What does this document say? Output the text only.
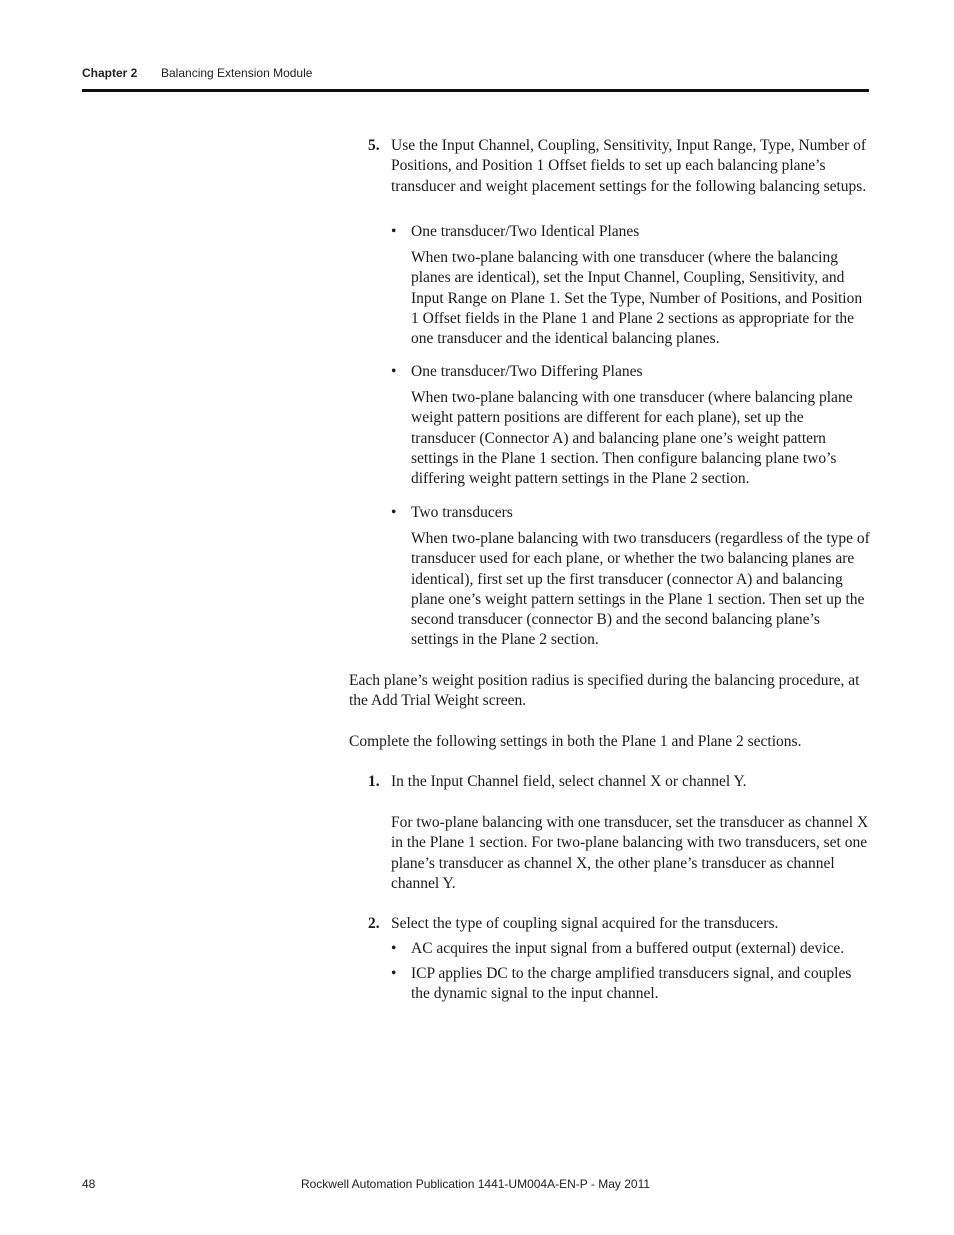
Chapter 2 Balancing Extension Module
5. Use the Input Channel, Coupling, Sensitivity, Input Range, Type, Number of Positions, and Position 1 Offset fields to set up each balancing plane’s transducer and weight placement settings for the following balancing setups.
• One transducer/Two Identical Planes
When two-plane balancing with one transducer (where the balancing planes are identical), set the Input Channel, Coupling, Sensitivity, and Input Range on Plane 1. Set the Type, Number of Positions, and Position 1 Offset fields in the Plane 1 and Plane 2 sections as appropriate for the one transducer and the identical balancing planes.
• One transducer/Two Differing Planes
When two-plane balancing with one transducer (where balancing plane weight pattern positions are different for each plane), set up the transducer (Connector A) and balancing plane one’s weight pattern settings in the Plane 1 section. Then configure balancing plane two’s differing weight pattern settings in the Plane 2 section.
• Two transducers
When two-plane balancing with two transducers (regardless of the type of transducer used for each plane, or whether the two balancing planes are identical), first set up the first transducer (connector A) and balancing plane one’s weight pattern settings in the Plane 1 section. Then set up the second transducer (connector B) and the second balancing plane’s settings in the Plane 2 section.
Each plane’s weight position radius is specified during the balancing procedure, at the Add Trial Weight screen.
Complete the following settings in both the Plane 1 and Plane 2 sections.
1. In the Input Channel field, select channel X or channel Y.
For two-plane balancing with one transducer, set the transducer as channel X in the Plane 1 section. For two-plane balancing with two transducers, set one plane’s transducer as channel X, the other plane’s transducer as channel channel Y.
2. Select the type of coupling signal acquired for the transducers.
• AC acquires the input signal from a buffered output (external) device.
• ICP applies DC to the charge amplified transducers signal, and couples the dynamic signal to the input channel.
48	Rockwell Automation Publication 1441-UM004A-EN-P - May 2011
